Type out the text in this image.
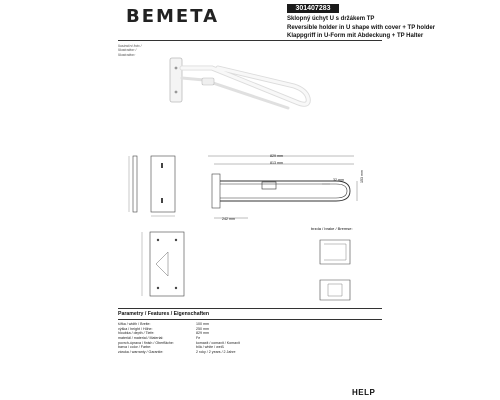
BEMETA	301407283
Sklopný úchyt U s držákem TP
Reversible holder in U shape with cover + TP holder
Klappgriff in U-Form mit Abdeckung + TP Halter
Ilustrační foto /
Illustration /
Illustration:
829 mm
813 mm
32 mm
242 mm
153 mm
brzda / brake / Bremse:
Parametry / Features / Eigenschaften
šířka / width / Breite:	100 mm
výška / height / Höhe:	250 mm
hloubka / depth / Tiefe:	829 mm
materiál / material / Material:	Fe
povrch-úprava / finish / Oberfläche:	komaxit / comaxit / Komaxit
barva / color / Farbe:	bílá / white / weiß
záruka / warranty / Garantie:	2 roky / 2 years / 2 Jahre
HELP
